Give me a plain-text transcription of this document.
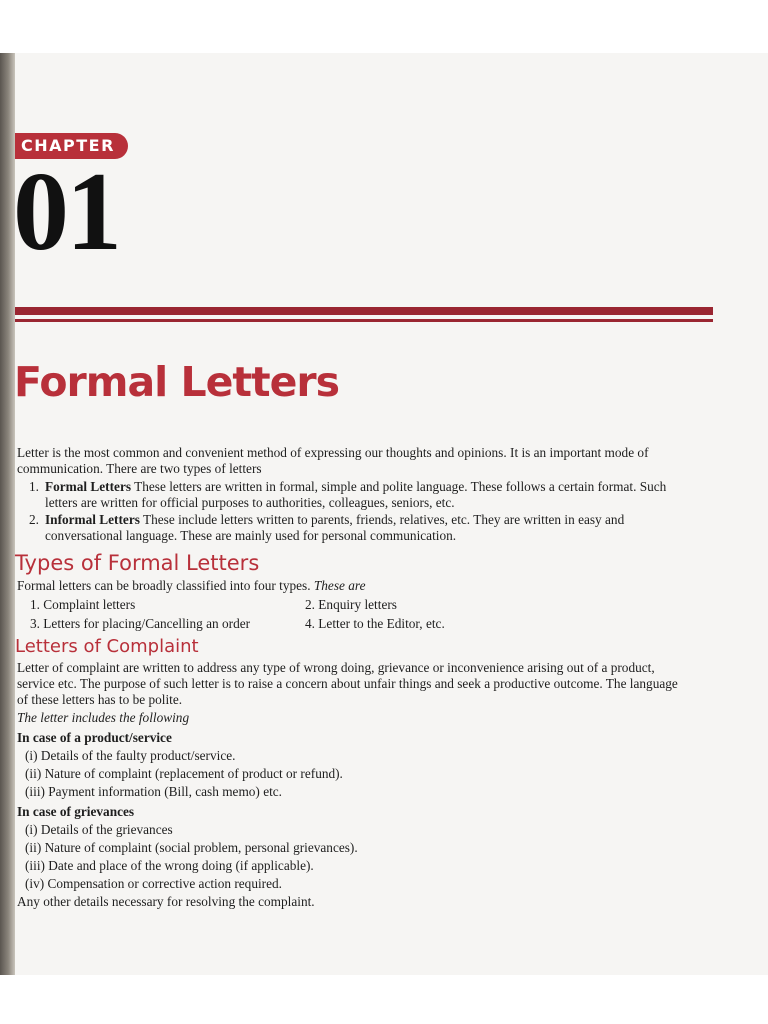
CHAPTER
01
Formal Letters

Letter is the most common and convenient method of expressing our thoughts and opinions. It is an important mode of communication. There are two types of letters

1. Formal Letters These letters are written in formal, simple and polite language. These follows a certain format. Such letters are written for official purposes to authorities, colleagues, seniors, etc.
2. Informal Letters These include letters written to parents, friends, relatives, etc. They are written in easy and conversational language. These are mainly used for personal communication.
Types of Formal Letters

Formal letters can be broadly classified into four types. These are

1. Complaint letters	2. Enquiry letters
3. Letters for placing/Cancelling an order	4. Letter to the Editor, etc.
Letters of Complaint

Letter of complaint are written to address any type of wrong doing, grievance or inconvenience arising out of a product, service etc. The purpose of such letter is to raise a concern about unfair things and seek a productive outcome. The language of these letters has to be polite.

The letter includes the following

In case of a product/service

(i) Details of the faulty product/service.
(ii) Nature of complaint (replacement of product or refund).
(iii) Payment information (Bill, cash memo) etc.

In case of grievances

(i) Details of the grievances
(ii) Nature of complaint (social problem, personal grievances).
(iii) Date and place of the wrong doing (if applicable).
(iv) Compensation or corrective action required.

Any other details necessary for resolving the complaint.
